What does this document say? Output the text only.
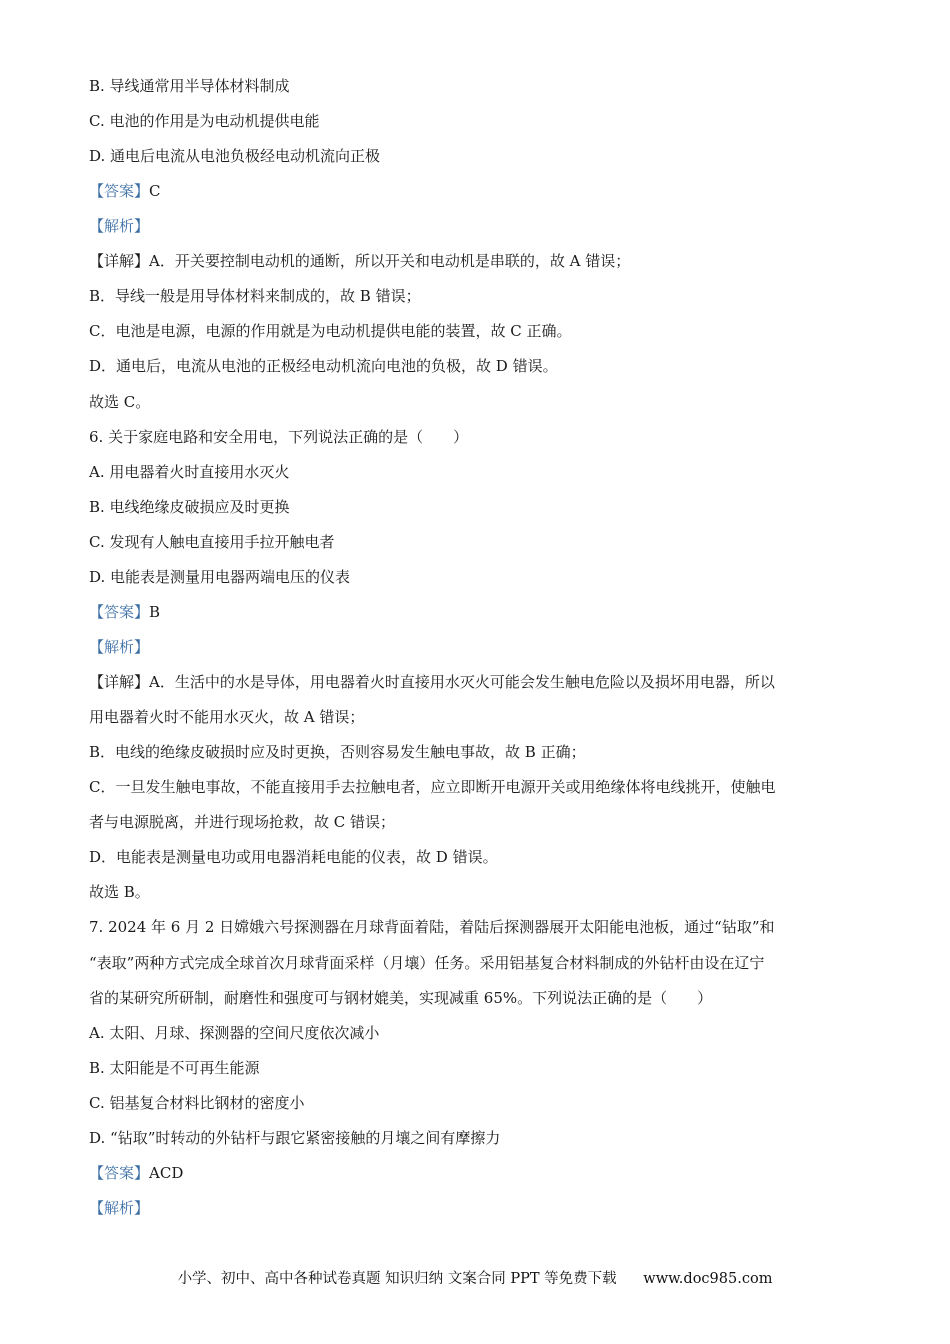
B. 导线通常用半导体材料制成
C. 电池的作用是为电动机提供电能
D. 通电后电流从电池负极经电动机流向正极
【答案】C
【解析】
【详解】A．开关要控制电动机的通断，所以开关和电动机是串联的，故 A 错误；
B．导线一般是用导体材料来制成的，故 B 错误；
C．电池是电源，电源的作用就是为电动机提供电能的装置，故 C 正确。
D．通电后，电流从电池的正极经电动机流向电池的负极，故 D 错误。
故选 C。
6. 关于家庭电路和安全用电，下列说法正确的是（　　）
A. 用电器着火时直接用水灭火
B. 电线绝缘皮破损应及时更换
C. 发现有人触电直接用手拉开触电者
D. 电能表是测量用电器两端电压的仪表
【答案】B
【解析】
【详解】A．生活中的水是导体，用电器着火时直接用水灭火可能会发生触电危险以及损坏用电器，所以
用电器着火时不能用水灭火，故 A 错误；
B．电线的绝缘皮破损时应及时更换，否则容易发生触电事故，故 B 正确；
C．一旦发生触电事故，不能直接用手去拉触电者，应立即断开电源开关或用绝缘体将电线挑开，使触电
者与电源脱离，并进行现场抢救，故 C 错误；
D．电能表是测量电功或用电器消耗电能的仪表，故 D 错误。
故选 B。
7. 2024 年 6 月 2 日嫦娥六号探测器在月球背面着陆，着陆后探测器展开太阳能电池板，通过“钻取”和
“表取”两种方式完成全球首次月球背面采样（月壤）任务。采用铝基复合材料制成的外钻杆由设在辽宁
省的某研究所研制，耐磨性和强度可与钢材媲美，实现减重 65%。下列说法正确的是（　　）
A. 太阳、月球、探测器的空间尺度依次减小
B. 太阳能是不可再生能源
C. 铝基复合材料比钢材的密度小
D. “钻取”时转动的外钻杆与跟它紧密接触的月壤之间有摩擦力
【答案】ACD
【解析】
小学、初中、高中各种试卷真题 知识归纳 文案合同 PPT 等免费下载 www.doc985.com
